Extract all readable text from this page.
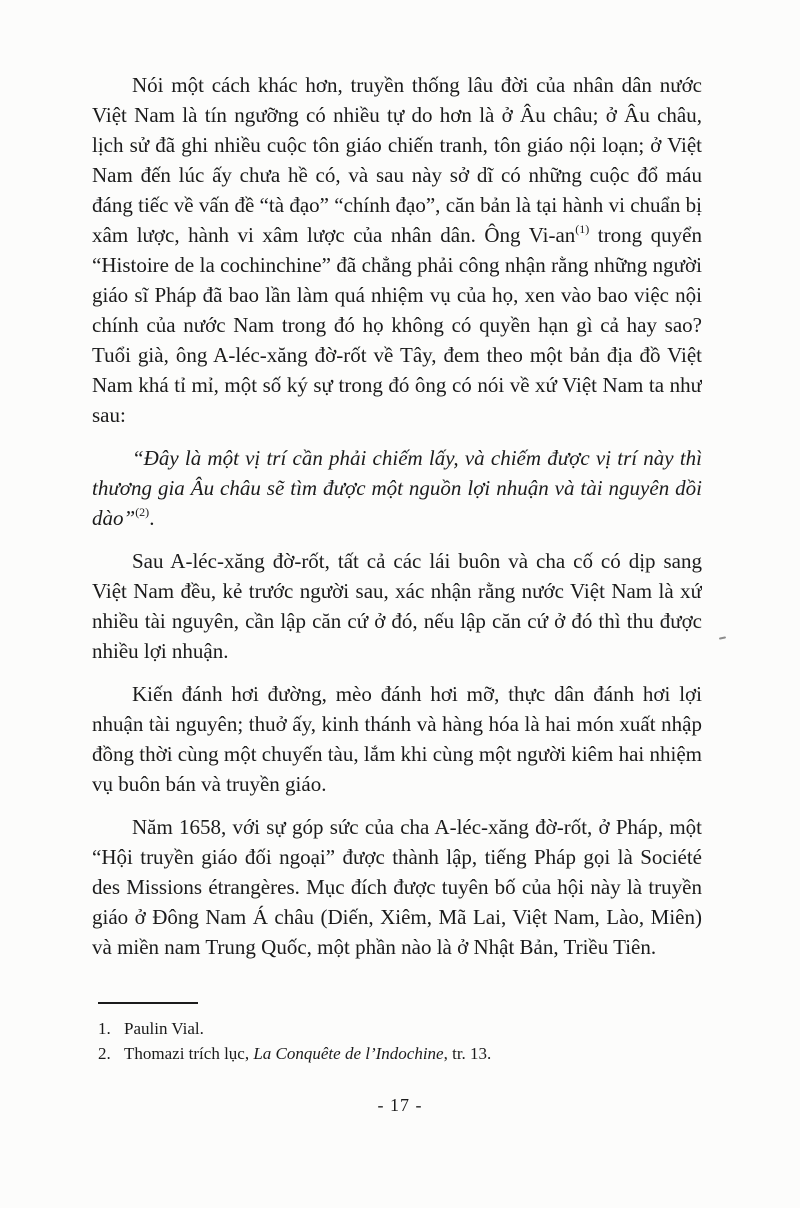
Nói một cách khác hơn, truyền thống lâu đời của nhân dân nước Việt Nam là tín ngưỡng có nhiều tự do hơn là ở Âu châu; ở Âu châu, lịch sử đã ghi nhiều cuộc tôn giáo chiến tranh, tôn giáo nội loạn; ở Việt Nam đến lúc ấy chưa hề có, và sau này sở dĩ có những cuộc đổ máu đáng tiếc về vấn đề “tà đạo” “chính đạo”, căn bản là tại hành vi chuẩn bị xâm lược, hành vi xâm lược của nhân dân. Ông Vi-an$^{(1)}$ trong quyển “Histoire de la cochinchine” đã chẳng phải công nhận rằng những người giáo sĩ Pháp đã bao lần làm quá nhiệm vụ của họ, xen vào bao việc nội chính của nước Nam trong đó họ không có quyền hạn gì cả hay sao? Tuổi già, ông A-léc-xăng đờ-rốt về Tây, đem theo một bản địa đồ Việt Nam khá tỉ mỉ, một số ký sự trong đó ông có nói về xứ Việt Nam ta như sau:

“Đây là một vị trí cần phải chiếm lấy, và chiếm được vị trí này thì thương gia Âu châu sẽ tìm được một nguồn lợi nhuận và tài nguyên dồi dào”$^{(2)}$.

Sau A-léc-xăng đờ-rốt, tất cả các lái buôn và cha cố có dịp sang Việt Nam đều, kẻ trước người sau, xác nhận rằng nước Việt Nam là xứ nhiều tài nguyên, cần lập căn cứ ở đó, nếu lập căn cứ ở đó thì thu được nhiều lợi nhuận.

Kiến đánh hơi đường, mèo đánh hơi mỡ, thực dân đánh hơi lợi nhuận tài nguyên; thuở ấy, kinh thánh và hàng hóa là hai món xuất nhập đồng thời cùng một chuyến tàu, lắm khi cùng một người kiêm hai nhiệm vụ buôn bán và truyền giáo.

Năm 1658, với sự góp sức của cha A-léc-xăng đờ-rốt, ở Pháp, một “Hội truyền giáo đối ngoại” được thành lập, tiếng Pháp gọi là Société des Missions étrangères. Mục đích được tuyên bố của hội này là truyền giáo ở Đông Nam Á châu (Diến, Xiêm, Mã Lai, Việt Nam, Lào, Miên) và miền nam Trung Quốc, một phần nào là ở Nhật Bản, Triều Tiên.

1. Paulin Vial.
2. Thomazi trích lục, La Conquête de l’Indochine, tr. 13.
- 17 -
